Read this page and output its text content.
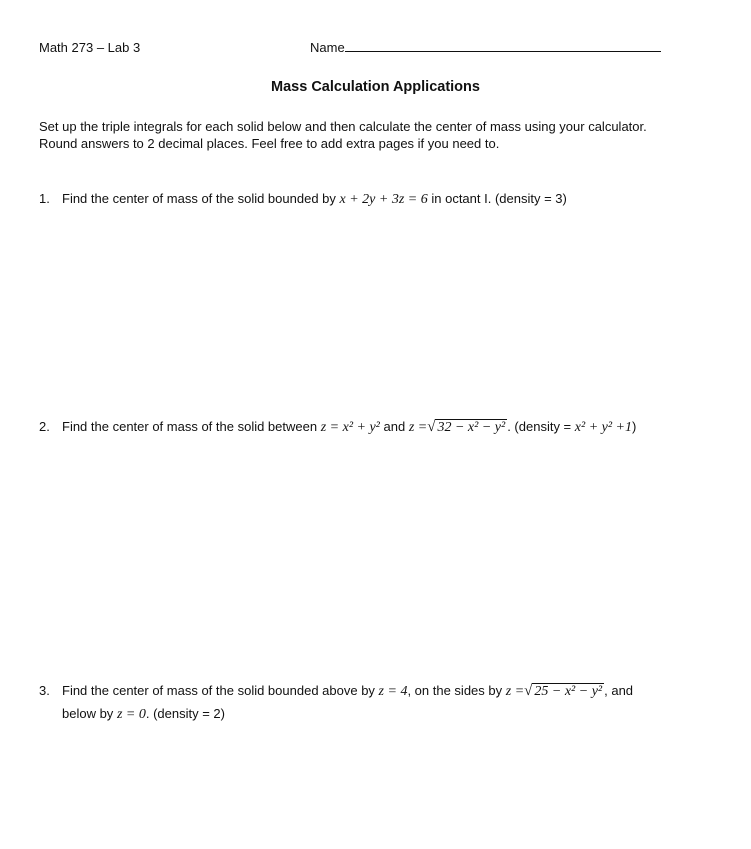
Math 273 – Lab 3	Name
Mass Calculation Applications
Set up the triple integrals for each solid below and then calculate the center of mass using your calculator.
Round answers to 2 decimal places. Feel free to add extra pages if you need to.
1. Find the center of mass of the solid bounded by x + 2y + 3z = 6 in octant I. (density = 3)
2. Find the center of mass of the solid between z = x² + y² and z =√ 32 − x² − y² . (density = x² + y² +1)
3. Find the center of mass of the solid bounded above by z = 4, on the sides by z =√ 25 − x² − y² , and
below by z = 0. (density = 2)
